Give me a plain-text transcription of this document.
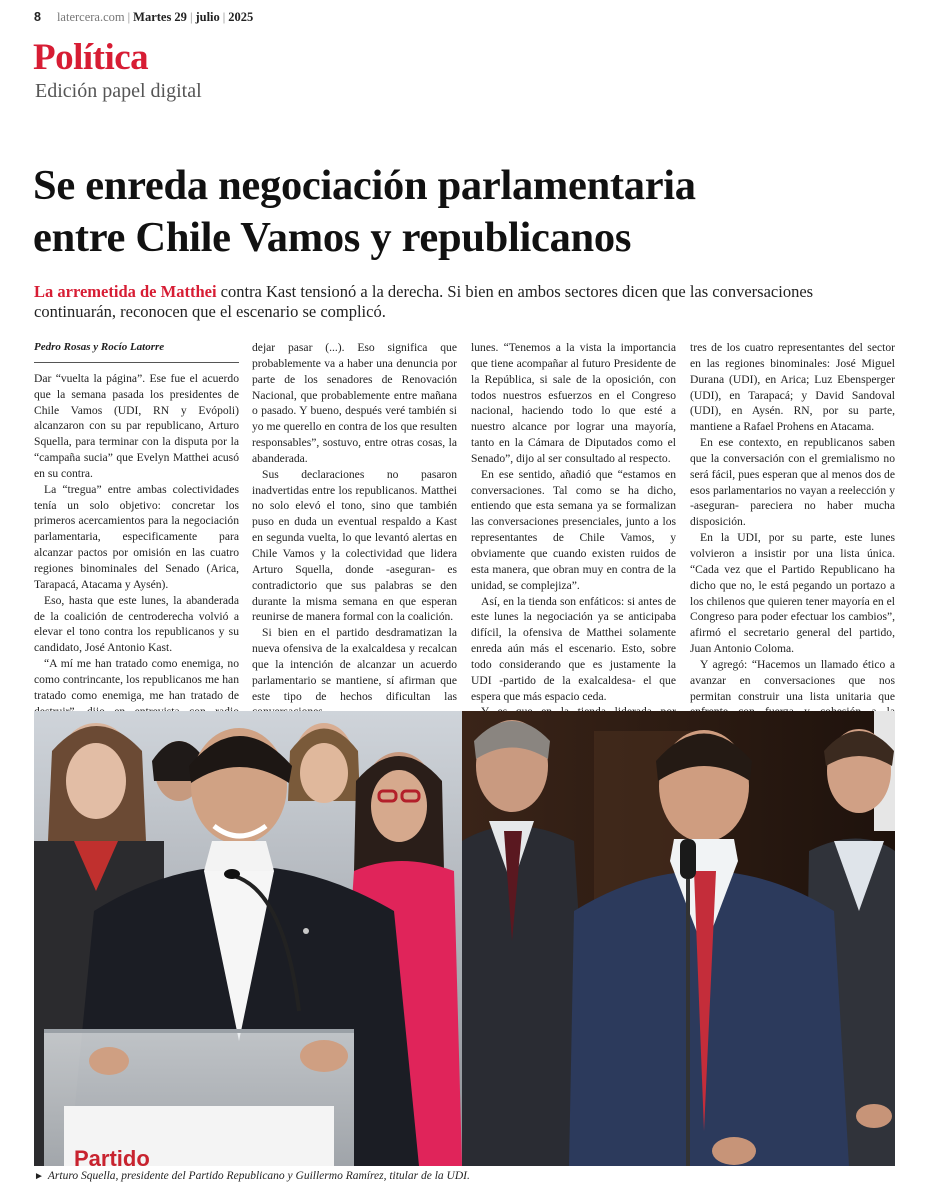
8 latercera.com | Martes 29 | julio | 2025
Política
Edición papel digital
Se enreda negociación parlamentaria
entre Chile Vamos y republicanos
La arremetida de Matthei contra Kast tensionó a la derecha. Si bien en ambos sectores dicen que las conversaciones continuarán, reconocen que el escenario se complicó.
Pedro Rosas y Rocío Latorre

Dar “vuelta la página”. Ese fue el acuerdo que la semana pasada los presidentes de Chile Vamos (UDI, RN y Evópoli) alcanzaron con su par republicano, Arturo Squella, para terminar con la disputa por la “campaña sucia” que Evelyn Matthei acusó en su contra.

La “tregua” entre ambas colectividades tenía un solo objetivo: concretar los primeros acercamientos para la negociación parlamentaria, especificamente para alcanzar pactos por omisión en las cuatro regiones binominales del Senado (Arica, Tarapacá, Atacama y Aysén).

Eso, hasta que este lunes, la abanderada de la coalición de centroderecha volvió a elevar el tono contra los republicanos y su candidato, José Antonio Kast.

“A mí me han tratado como enemiga, no como contrincante, los republicanos me han tratado como enemiga, me han tratado de

dejar pasar (...). Eso significa que probablemente va a haber una denuncia por parte de los senadores de Renovación Nacional, que probablemente entre mañana o pasado. Y bueno, después veré también si yo me querello en contra de los que resulten responsables”, sostuvo, entre otras cosas, la abanderada.

Sus declaraciones no pasaron inadvertidas entre los republicanos. Matthei no solo elevó el tono, sino que también puso en duda un eventual respaldo a Kast en segunda vuelta, lo que levantó alertas en Chile Vamos y la colectividad que lidera Arturo Squella, donde -aseguran- es contradictorio que sus palabras se den durante la misma semana en que esperan reunirse de manera formal con la coalición.

Si bien en el partido desdramatizan la nueva ofensiva de la exalcaldesa y recalcan que la intención de alcanzar un acuerdo parlamentario se mantiene, sí afirman que este tipo de hechos dificultan las

lunes. “Tenemos a la vista la importancia que tiene acompañar al futuro Presidente de la República, si sale de la oposición, con todos nuestros esfuerzos en el Congreso nacional, haciendo todo lo que esté a nuestro alcance por lograr una mayoría, tanto en la Cámara de Diputados como el Senado”, dijo al ser consultado al respecto.

En ese sentido, añadió que “estamos en conversaciones. Tal como se ha dicho, entiendo que esta semana ya se formalizan las conversaciones presenciales, junto a los representantes de Chile Vamos, y obviamente que cuando existen ruidos de esta manera, que obran muy en contra de la unidad, se complejiza”.

Así, en la tienda son enfáticos: si antes de este lunes la negociación ya se anticipaba difícil, la ofensiva de Matthei solamente enreda aún más el escenario. Esto, sobre todo considerando que es justamente la UDI -partido de la exalcaldesa- el que espera que más espacio ceda.

tres de los cuatro representantes del sector en las regiones binominales: José Miguel Durana (UDI), en Arica; Luz Ebensperger (UDI), en Tarapacá; y David Sandoval (UDI), en Aysén. RN, por su parte, mantiene a Rafael Prohens en Atacama.

En ese contexto, en republicanos saben que la conversación con el gremialismo no será fácil, pues esperan que al menos dos de esos parlamentarios no vayan a reelección y -aseguran- pareciera no haber mucha disposición.

En la UDI, por su parte, este lunes volvieron a insistir por una lista única. “Cada vez que el Partido Republicano ha dicho que no, le está pegando un portazo a los chilenos que quieren tener mayoría en el Congreso para poder efectuar los cambios”, afirmó el secretario general del partido, Juan Antonio Coloma.

Y agregó: “Hacemos un llamado ético a avanzar en conversaciones que nos permitan construir una lista unitaria que

Partido
► Arturo Squella, presidente del Partido Republicano y Guillermo Ramírez, titular de la UDI.
